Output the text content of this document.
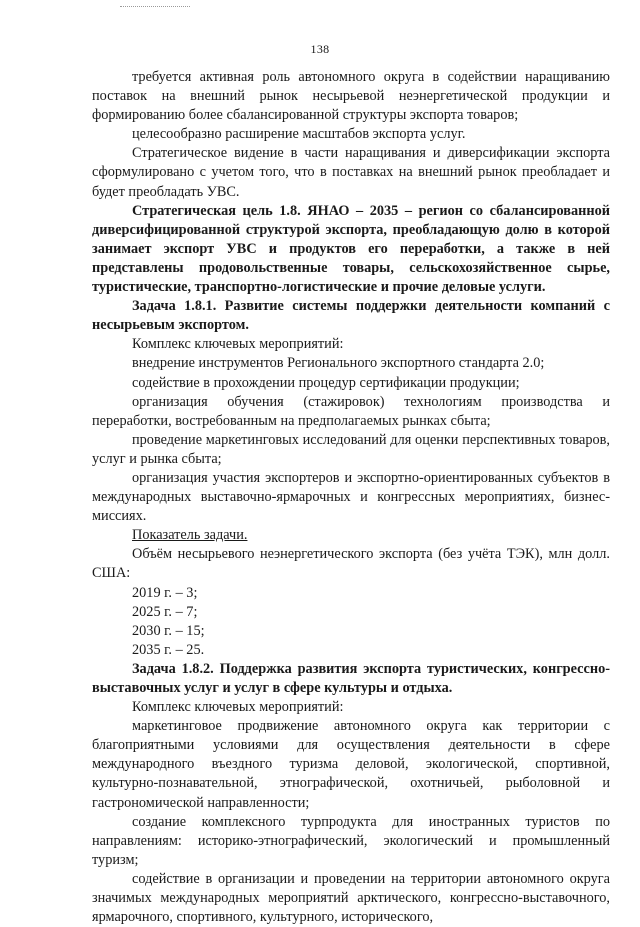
138

требуется активная роль автономного округа в содействии наращиванию поставок на внешний рынок несырьевой неэнергетической продукции и формированию более сбалансированной структуры экспорта товаров;

целесообразно расширение масштабов экспорта услуг.

Стратегическое видение в части наращивания и диверсификации экспорта сформулировано с учетом того, что в поставках на внешний рынок преобладает и будет преобладать УВС.

Стратегическая цель 1.8. ЯНАО – 2035 – регион со сбалансированной диверсифицированной структурой экспорта, преобладающую долю в которой занимает экспорт УВС и продуктов его переработки, а также в ней представлены продовольственные товары, сельскохозяйственное сырье, туристические, транспортно-логистические и прочие деловые услуги.

Задача 1.8.1. Развитие системы поддержки деятельности компаний с несырьевым экспортом.

Комплекс ключевых мероприятий:

внедрение инструментов Регионального экспортного стандарта 2.0;

содействие в прохождении процедур сертификации продукции;

организация обучения (стажировок) технологиям производства и переработки, востребованным на предполагаемых рынках сбыта;

проведение маркетинговых исследований для оценки перспективных товаров, услуг и рынка сбыта;

организация участия экспортеров и экспортно-ориентированных субъектов в международных выставочно-ярмарочных и конгрессных мероприятиях, бизнес-миссиях.

Показатель задачи.

Объём несырьевого неэнергетического экспорта (без учёта ТЭК), млн долл. США:

2019 г. – 3;

2025 г. – 7;

2030 г. – 15;

2035 г. – 25.

Задача 1.8.2. Поддержка развития экспорта туристических, конгрессно-выставочных услуг и услуг в сфере культуры и отдыха.

Комплекс ключевых мероприятий:

маркетинговое продвижение автономного округа как территории с благоприятными условиями для осуществления деятельности в сфере международного въездного туризма деловой, экологической, спортивной, культурно-познавательной, этнографической, охотничьей, рыболовной и гастрономической направленности;

создание комплексного турпродукта для иностранных туристов по направлениям: историко-этнографический, экологический и промышленный туризм;

содействие в организации и проведении на территории автономного округа значимых международных мероприятий арктического, конгрессно-выставочного, ярмарочного, спортивного, культурного, исторического,
